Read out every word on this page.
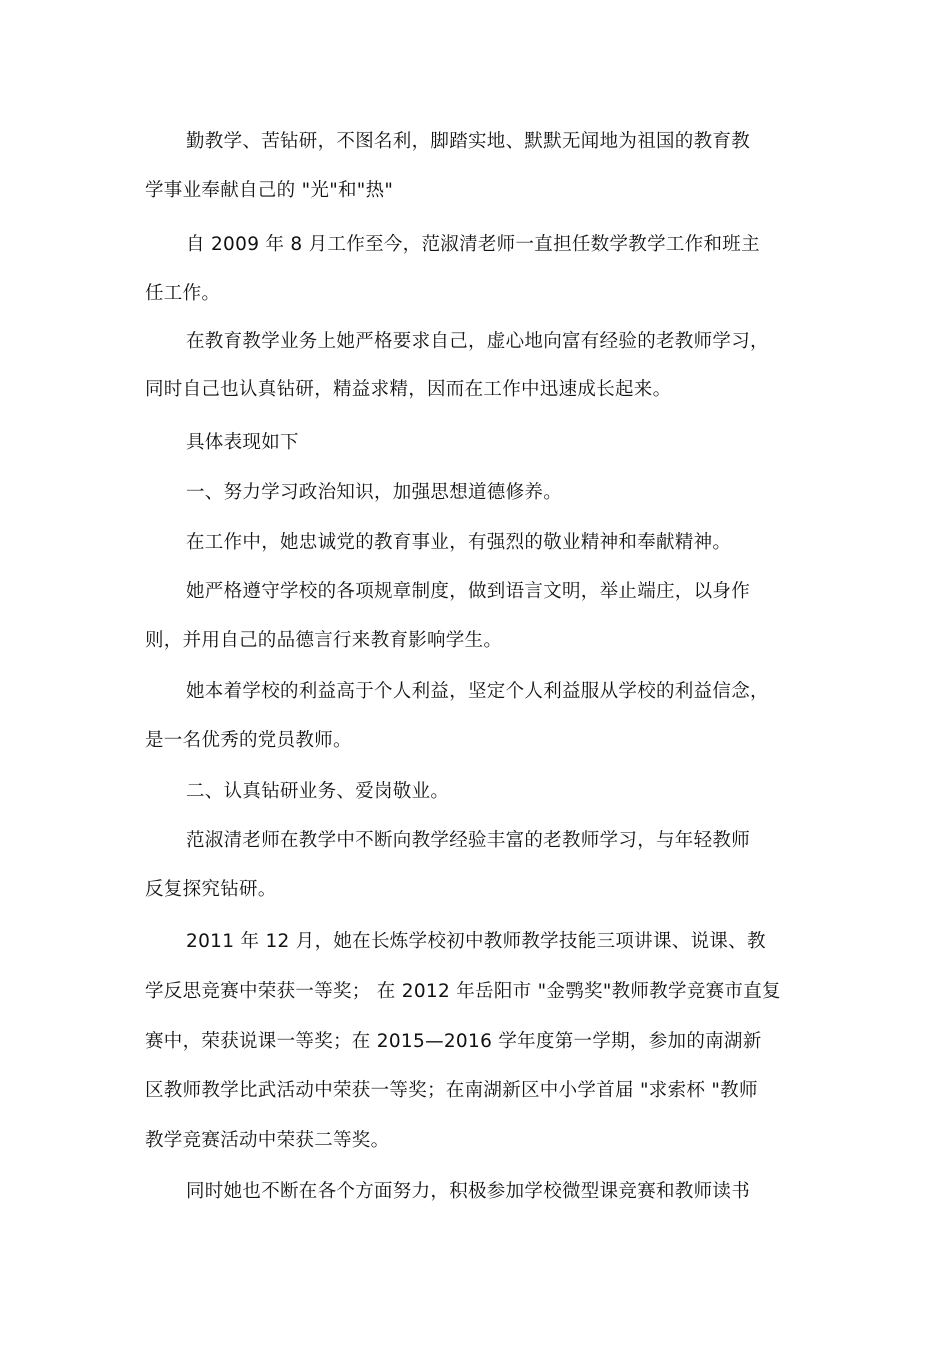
勤教学、苦钻研，不图名利，脚踏实地、默默无闻地为祖国的教育教

学事业奉献自己的 "光"和"热"

自 2009 年 8 月工作至今，范淑清老师一直担任数学教学工作和班主

任工作。

在教育教学业务上她严格要求自己，虚心地向富有经验的老教师学习，

同时自己也认真钻研，精益求精，因而在工作中迅速成长起来。

具体表现如下

一、努力学习政治知识，加强思想道德修养。

在工作中，她忠诚党的教育事业，有强烈的敬业精神和奉献精神。

她严格遵守学校的各项规章制度，做到语言文明，举止端庄，以身作

则，并用自己的品德言行来教育影响学生。

她本着学校的利益高于个人利益，坚定个人利益服从学校的利益信念，

是一名优秀的党员教师。

二、认真钻研业务、爱岗敬业。

范淑清老师在教学中不断向教学经验丰富的老教师学习，与年轻教师

反复探究钻研。

2011 年 12 月，她在长炼学校初中教师教学技能三项讲课、说课、教

学反思竞赛中荣获一等奖； 在 2012 年岳阳市 "金鹗奖"教师教学竞赛市直复

赛中，荣获说课一等奖；在 2015—2016 学年度第一学期，参加的南湖新

区教师教学比武活动中荣获一等奖；在南湖新区中小学首届 "求索杯 "教师

教学竞赛活动中荣获二等奖。

同时她也不断在各个方面努力，积极参加学校微型课竞赛和教师读书
